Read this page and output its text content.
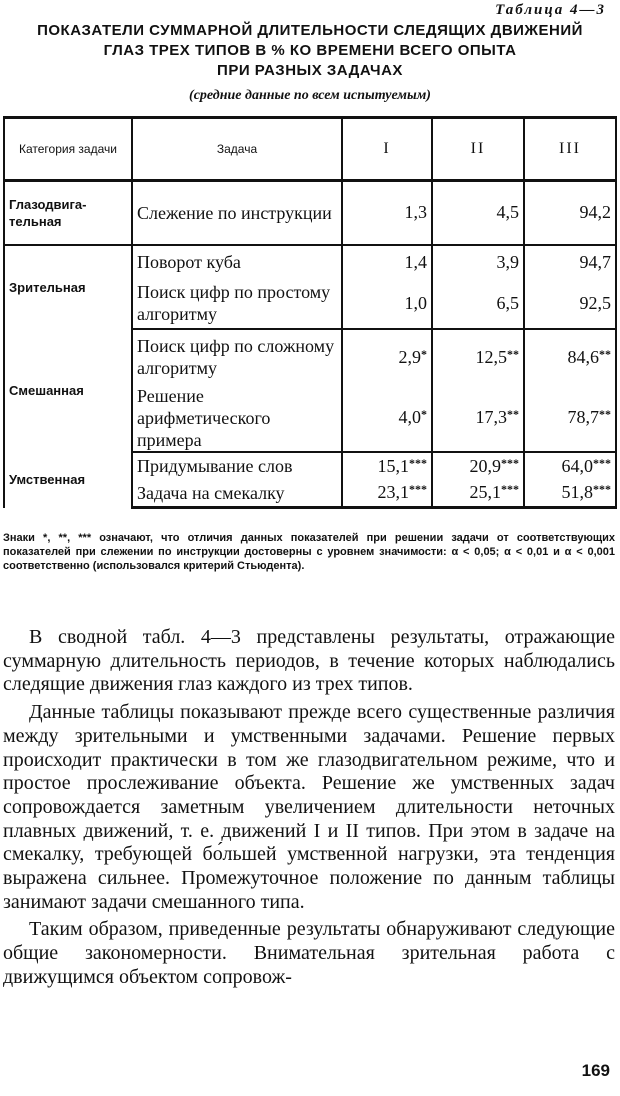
Таблица 4—3
ПОКАЗАТЕЛИ СУММАРНОЙ ДЛИТЕЛЬНОСТИ СЛЕДЯЩИХ ДВИЖЕНИЙ
ГЛАЗ ТРЕХ ТИПОВ В % КО ВРЕМЕНИ ВСЕГО ОПЫТА
ПРИ РАЗНЫХ ЗАДАЧАХ
(средние данные по всем испытуемым)
Категория задачи	Задача	I	II	III
Глазодвига-тельная	Слежение по инструкции	1,3	4,5	94,2
Зрительная	Поворот куба	1,4	3,9	94,7
	Поиск цифр по простому алгоритму	1,0	6,5	92,5
Смешанная	Поиск цифр по сложному алгоритму	2,9*	12,5**	84,6**
	Решение арифметического примера	4,0*	17,3**	78,7**
Умственная	Придумывание слов	15,1***	20,9***	64,0***
	Задача на смекалку	23,1***	25,1***	51,8***
Знаки *, **, *** означают, что отличия данных показателей при решении задачи от соответствующих показателей при слежении по инструкции достоверны с уровнем значимости: α < 0,05; α < 0,01 и α < 0,001 соответственно (использовался критерий Стьюдента).

В сводной табл. 4—3 представлены результаты, отражающие суммарную длительность периодов, в течение которых наблюдались следящие движения глаз каждого из трех типов.

Данные таблицы показывают прежде всего существенные различия между зрительными и умственными задачами. Решение первых происходит практически в том же глазодвигательном режиме, что и простое прослеживание объекта. Решение же умственных задач сопровождается заметным увеличением длительности неточных плавных движений, т. е. движений I и II типов. При этом в задаче на смекалку, требующей бо́льшей умственной нагрузки, эта тенденция выражена сильнее. Промежуточное положение по данным таблицы занимают задачи смешанного типа.

Таким образом, приведенные результаты обнаруживают следующие общие закономерности. Внимательная зрительная работа с движущимся объектом сопровож-

169
